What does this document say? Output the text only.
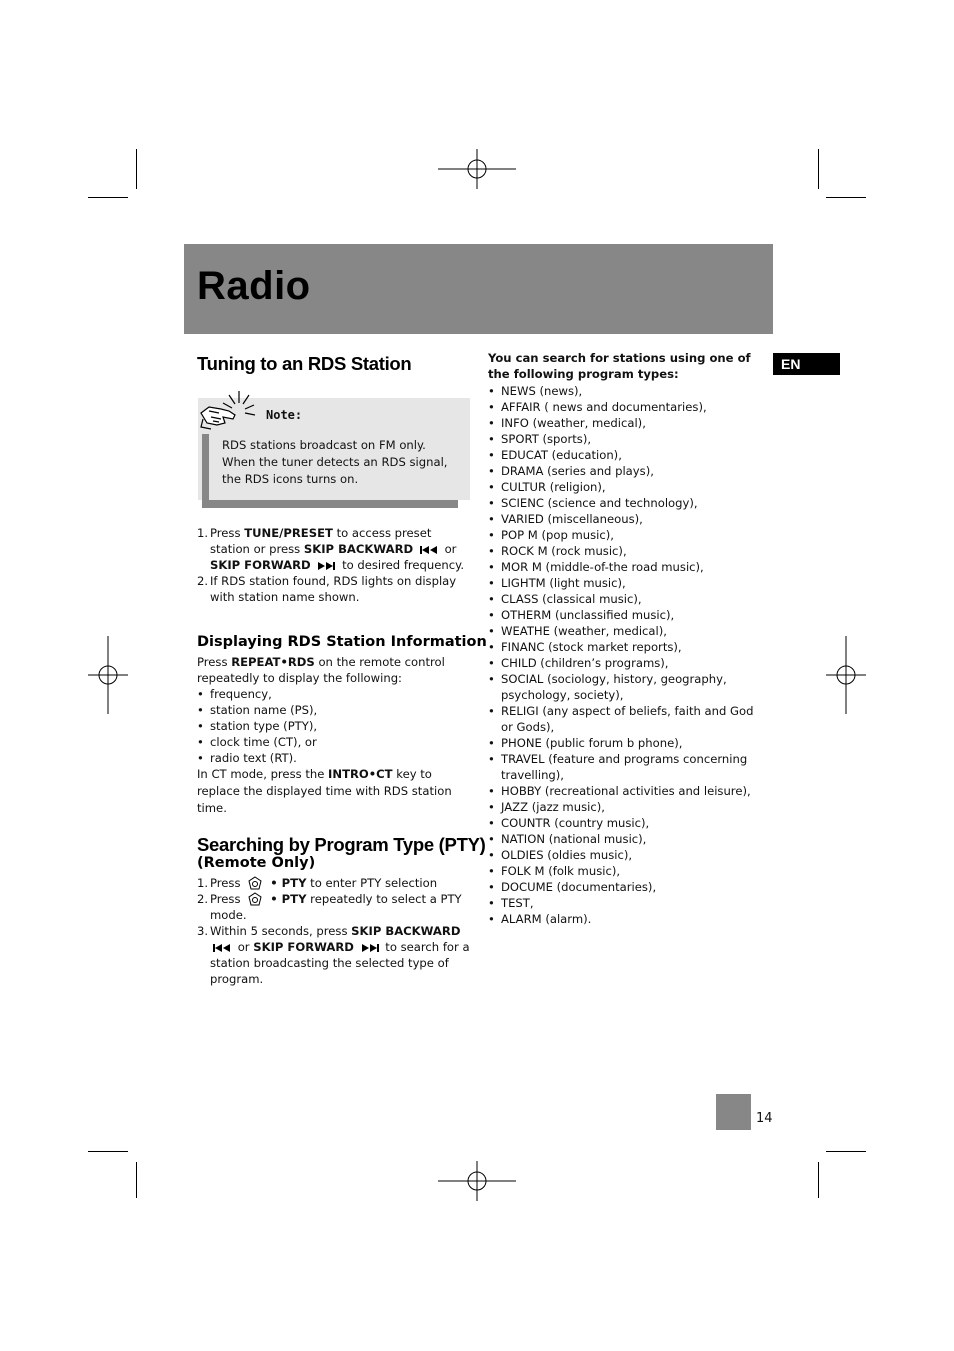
Radio
EN
Tuning to an RDS Station
Note:
RDS stations broadcast on FM only. When the tuner detects an RDS signal, the RDS icons turns on.
1. Press TUNE/PRESET to access preset station or press SKIP BACKWARD	or SKIP FORWARD	to desired frequency.
2. If RDS station found, RDS lights on display with station name shown.
Displaying RDS Station Information
Press REPEAT•RDS on the remote control repeatedly to display the following:
• frequency,
• station name (PS),
• station type (PTY),
• clock time (CT), or
• radio text (RT).
In CT mode, press the INTRO•CT key to replace the displayed time with RDS station time.
Searching by Program Type (PTY)
(Remote Only)
1. Press  • PTY to enter PTY selection
2. Press  • PTY repeatedly to select a PTY mode.
3. Within 5 seconds, press SKIP BACKWARD  or SKIP FORWARD	to search for a station broadcasting the selected type of program.
You can search for stations using one of the following program types:
• NEWS (news),
• AFFAIR ( news and documentaries),
• INFO (weather, medical),
• SPORT (sports),
• EDUCAT (education),
• DRAMA (series and plays),
• CULTUR (religion),
• SCIENC (science and technology),
• VARIED (miscellaneous),
• POP M (pop music),
• ROCK M (rock music),
• MOR M (middle-of-the road music),
• LIGHTM (light music),
• CLASS (classical music),
• OTHERM (unclassified music),
• WEATHE (weather, medical),
• FINANC (stock market reports),
• CHILD (children’s programs),
• SOCIAL (sociology, history, geography, psychology, society),
• RELIGI (any aspect of beliefs, faith and God or Gods),
• PHONE (public forum b phone),
• TRAVEL (feature and programs concerning travelling),
• HOBBY (recreational activities and leisure),
• JAZZ (jazz music),
• COUNTR (country music),
• NATION (national music),
• OLDIES (oldies music),
• FOLK M (folk music),
• DOCUME (documentaries),
• TEST,
• ALARM (alarm).
14
